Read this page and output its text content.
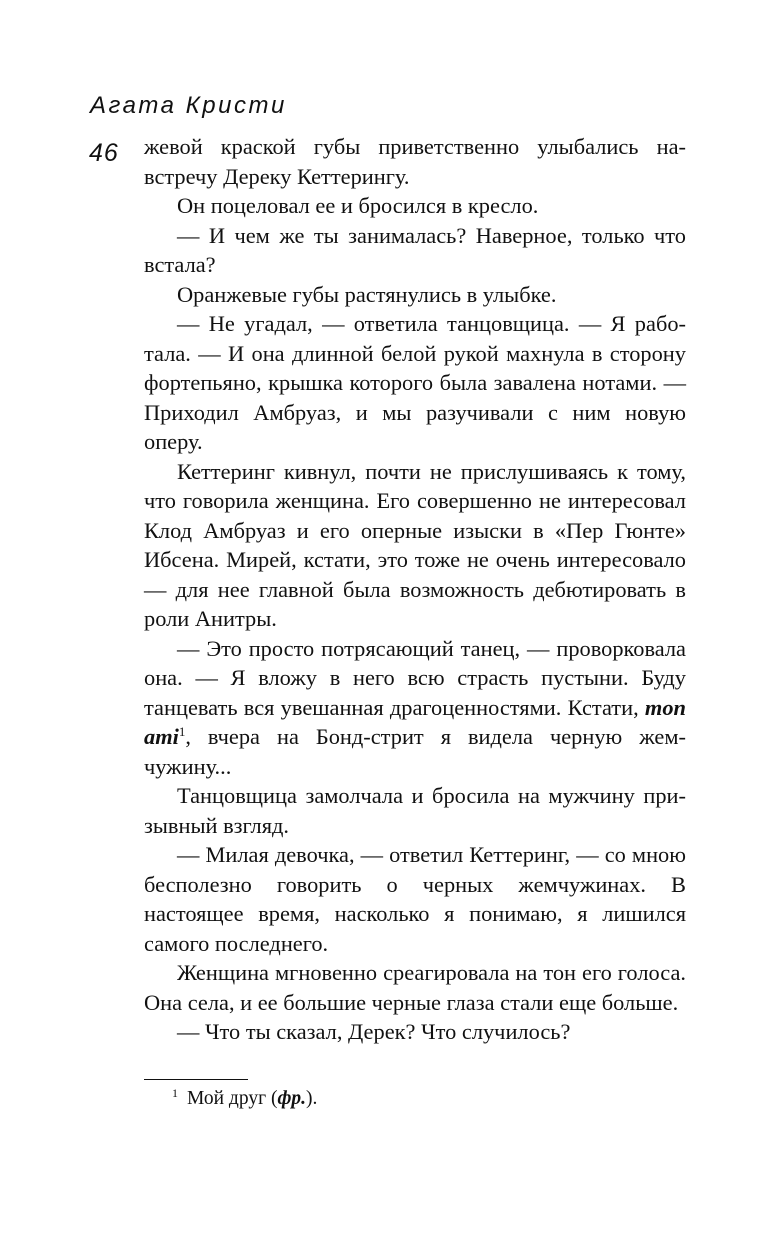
Агата Кристи
46 жевой краской губы приветственно улыбались навстречу Дереку Кеттерингу.

Он поцеловал ее и бросился в кресло.

— И чем же ты занималась? Наверное, только что встала?

Оранжевые губы растянулись в улыбке.

— Не угадал, — ответила танцовщица. — Я работала. — И она длинной белой рукой махнула в сторону фортепьяно, крышка которого была завалена нотами. — Приходил Амбруаз, и мы разучивали с ним новую оперу.

Кеттеринг кивнул, почти не прислушиваясь к тому, что говорила женщина. Его совершенно не интересовал Клод Амбруаз и его оперные изыски в «Пер Гюнте» Ибсена. Мирей, кстати, это тоже не очень интересовало — для нее главной была возможность дебютировать в роли Анитры.

— Это просто потрясающий танец, — проворковала она. — Я вложу в него всю страсть пустыни. Буду танцевать вся увешанная драгоценностями. Кстати, mon ami$^1$, вчера на Бонд-стрит я видела черную жемчужину...

Танцовщица замолчала и бросила на мужчину призывный взгляд.

— Милая девочка, — ответил Кеттеринг, — со мною бесполезно говорить о черных жемчужинах. В настоящее время, насколько я понимаю, я лишился самого последнего.

Женщина мгновенно среагировала на тон его голоса. Она села, и ее большие черные глаза стали еще больше.

— Что ты сказал, Дерек? Что случилось?

$^1$ Мой друг (фр.).
